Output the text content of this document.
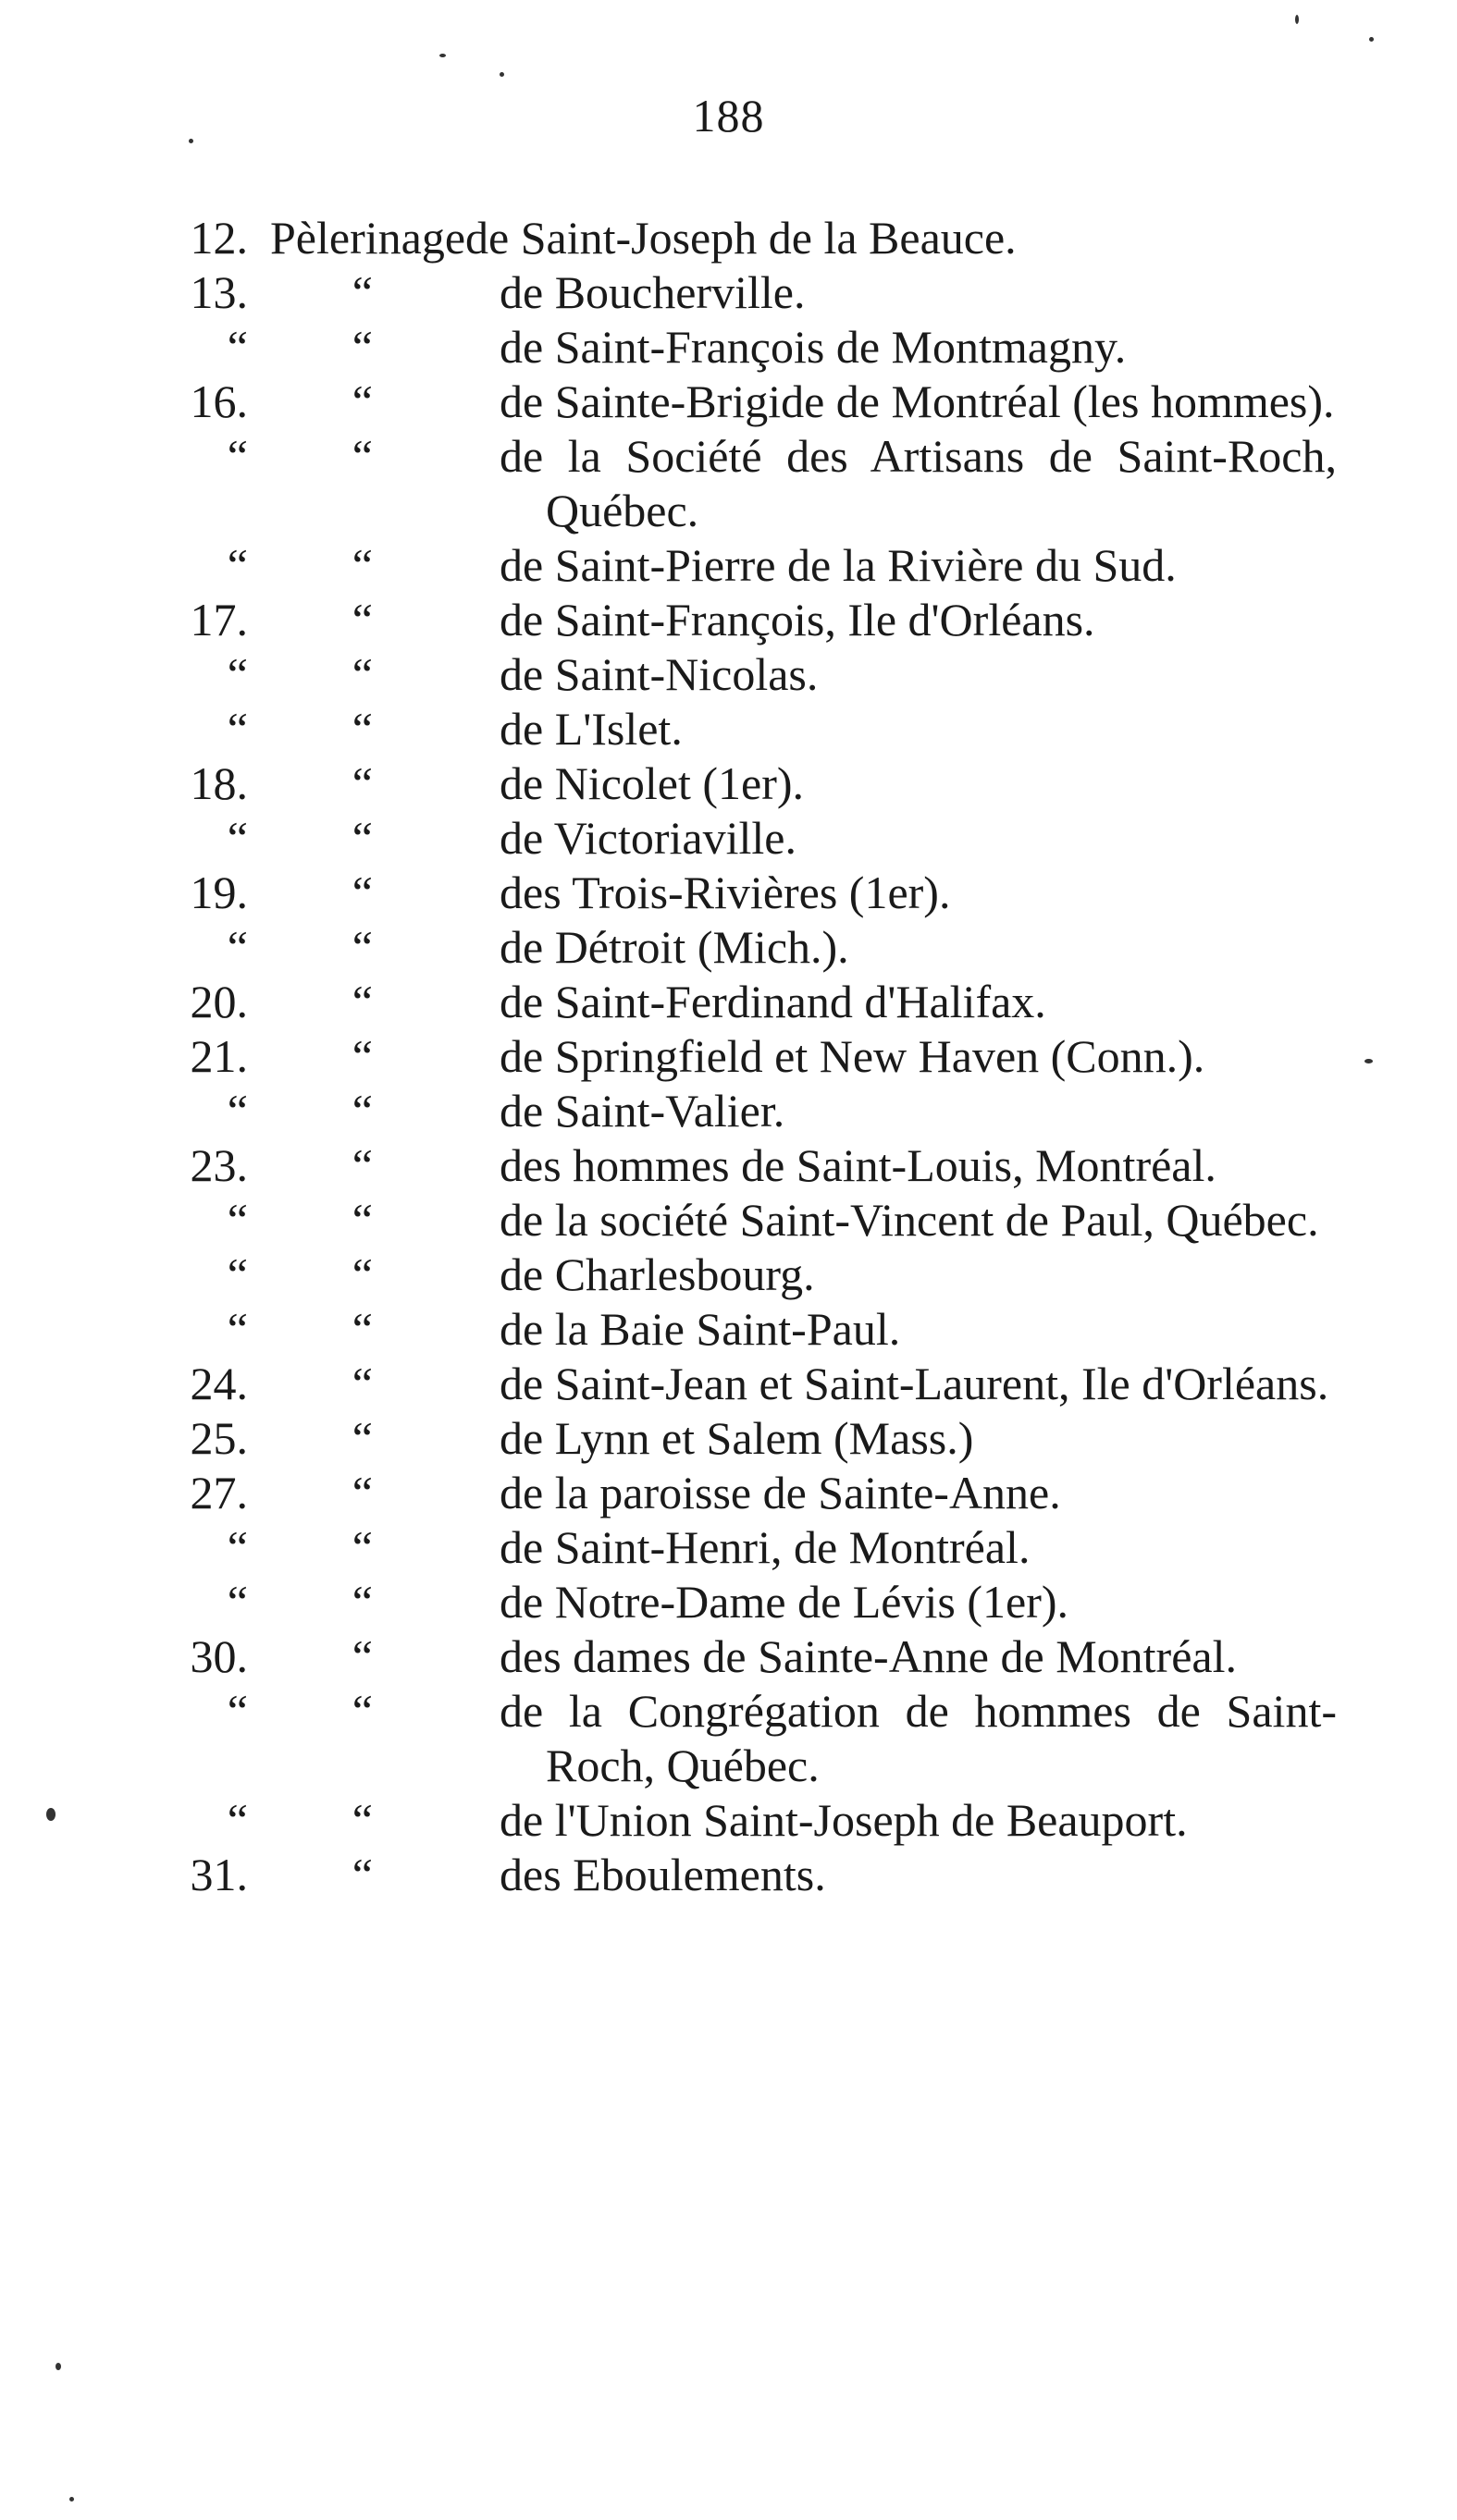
188
12. Pèlerinagede Saint-Joseph de la Beauce.
13.	“	de Boucherville.
“	“	de Saint-François de Montmagny.
16.	“	de Sainte-Brigide de Montréal (les hommes).
“	“	de la Société des Artisans de Saint-Roch, Québec.
“	“	de Saint-Pierre de la Rivière du Sud.
17.	“	de Saint-François, Ile d'Orléans.
“	“	de Saint-Nicolas.
“	“	de L'Islet.
18.	“	de Nicolet (1er).
“	“	de Victoriaville.
19.	“	des Trois-Rivières (1er).
“	“	de Détroit (Mich.).
20.	“	de Saint-Ferdinand d'Halifax.
21.	“	de Springfield et New Haven (Conn.).
“	“	de Saint-Valier.
23.	“	des hommes de Saint-Louis, Montréal.
“	“	de la société Saint-Vincent de Paul, Québec.
“	“	de Charlesbourg.
“	“	de la Baie Saint-Paul.
24.	“	de Saint-Jean et Saint-Laurent, Ile d'Orléans.
25.	“	de Lynn et Salem (Mass.)
27.	“	de la paroisse de Sainte-Anne.
“	“	de Saint-Henri, de Montréal.
“	“	de Notre-Dame de Lévis (1er).
30.	“	des dames de Sainte-Anne de Montréal.
“	“	de la Congrégation de hommes de Saint-Roch, Québec.
“	“	de l'Union Saint-Joseph de Beauport.
31.	“	des Eboulements.
